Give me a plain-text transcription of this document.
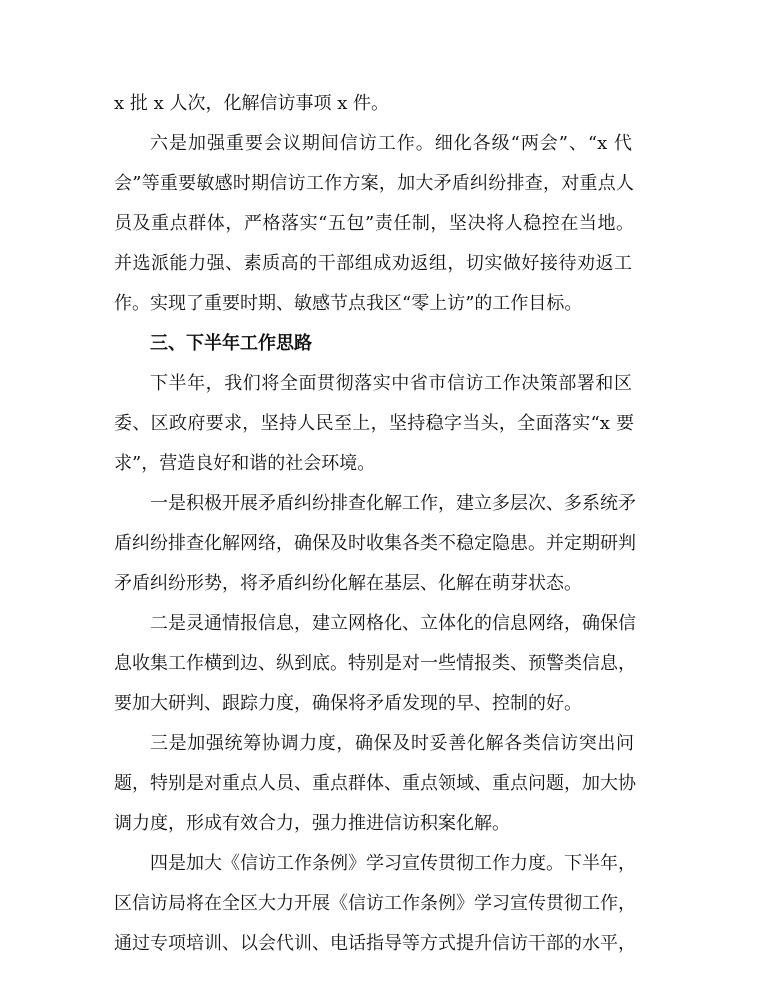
x 批 x 人次，化解信访事项 x 件。
六是加强重要会议期间信访工作。细化各级“两会”、“x 代
会”等重要敏感时期信访工作方案，加大矛盾纠纷排查，对重点人
员及重点群体，严格落实“五包”责任制，坚决将人稳控在当地。
并选派能力强、素质高的干部组成劝返组，切实做好接待劝返工
作。实现了重要时期、敏感节点我区“零上访”的工作目标。
三、下半年工作思路
下半年，我们将全面贯彻落实中省市信访工作决策部署和区
委、区政府要求，坚持人民至上，坚持稳字当头，全面落实“x 要
求”，营造良好和谐的社会环境。
一是积极开展矛盾纠纷排查化解工作，建立多层次、多系统矛
盾纠纷排查化解网络，确保及时收集各类不稳定隐患。并定期研判
矛盾纠纷形势，将矛盾纠纷化解在基层、化解在萌芽状态。
二是灵通情报信息，建立网格化、立体化的信息网络，确保信
息收集工作横到边、纵到底。特别是对一些情报类、预警类信息，
要加大研判、跟踪力度，确保将矛盾发现的早、控制的好。
三是加强统筹协调力度，确保及时妥善化解各类信访突出问
题，特别是对重点人员、重点群体、重点领域、重点问题，加大协
调力度，形成有效合力，强力推进信访积案化解。
四是加大《信访工作条例》学习宣传贯彻工作力度。下半年，
区信访局将在全区大力开展《信访工作条例》学习宣传贯彻工作，
通过专项培训、以会代训、电话指导等方式提升信访干部的水平，
